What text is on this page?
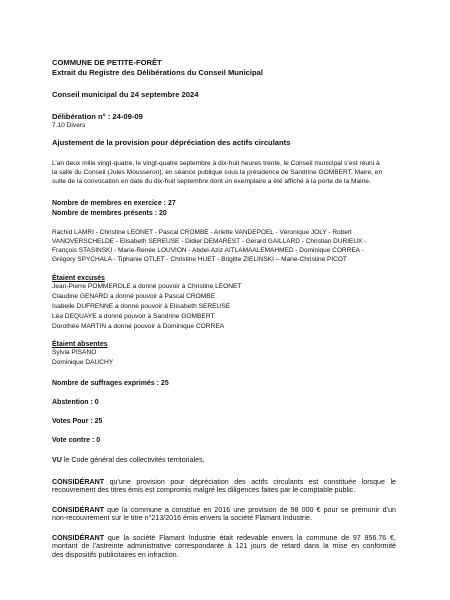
COMMUNE DE PETITE-FORÊT
Extrait du Registre des Délibérations du Conseil Municipal
Conseil municipal du 24 septembre 2024
Délibération n° : 24-09-09
7.10 Divers
Ajustement de la provision pour dépréciation des actifs circulants
L’an deux mille vingt-quatre, le vingt-quatre septembre à dix-huit heures trente, le Conseil municipal s’est réuni à
la salle du Conseil (Jules Mousseron), en séance publique sous la présidence de Sandrine GOMBERT, Maire, en
suite de la convocation en date du dix-huit septembre dont un exemplaire a été affiché à la porte de la Mairie.
Nombre de membres en exercice : 27
Nombre de membres présents : 20
Rachid LAMRI - Christine LEONET - Pascal CROMBE - Arlette VANDEPOEL - Véronique JOLY - Robert
VANOVERSCHELDE - Elisabeth SEREUSE - Didier DEMAREST - Gérard GAILLARD - Christian DURIEUX -
François STASINSKI - Marie-Renée LOUVION - Abdel-Aziz AITLAMAALEMAHMED - Dominique CORREA -
Grégory SPYCHALA - Tiphanie OTLET - Christine HUET - Brigitte ZIELINSKI – Marie-Christine PICOT
Étaient excusés
Jean-Pierre POMMEROLE a donné pouvoir à Christine LEONET
Claudine GENARD a donné pouvoir à Pascal CROMBE
Isabelle DUFRENNE a donné pouvoir à Elisabeth SEREUSE
Léa DEQUAYE a donné pouvoir à Sandrine GOMBERT
Dorothée MARTIN a donné pouvoir à Dominique CORREA
Étaient absentes
Sylvia PISANO
Dominique DAUCHY
Nombre de suffrages exprimés : 25
Abstention : 0
Votes Pour : 25
Vote contre : 0
VU le Code général des collectivités territoriales,
CONSIDÉRANT qu’une provision pour dépréciation des actifs circulants est constituée lorsque le
recouvrement des titres émis est compromis malgré les diligences faites par le comptable public.
CONSIDÉRANT que la commune a constitué en 2016 une provision de 98 000 € pour se prémunir d’un
non-recouvrement sur le titre n°213/2016 émis envers la société Flamant Industrie.
CONSIDÉRANT que la société Flamant Industrie était redevable envers la commune de 97 956.76 €,
montant de l’astreinte administrative correspondante à 121 jours de retard dans la mise en conformité
des dispositifs publicitaires en infraction.
